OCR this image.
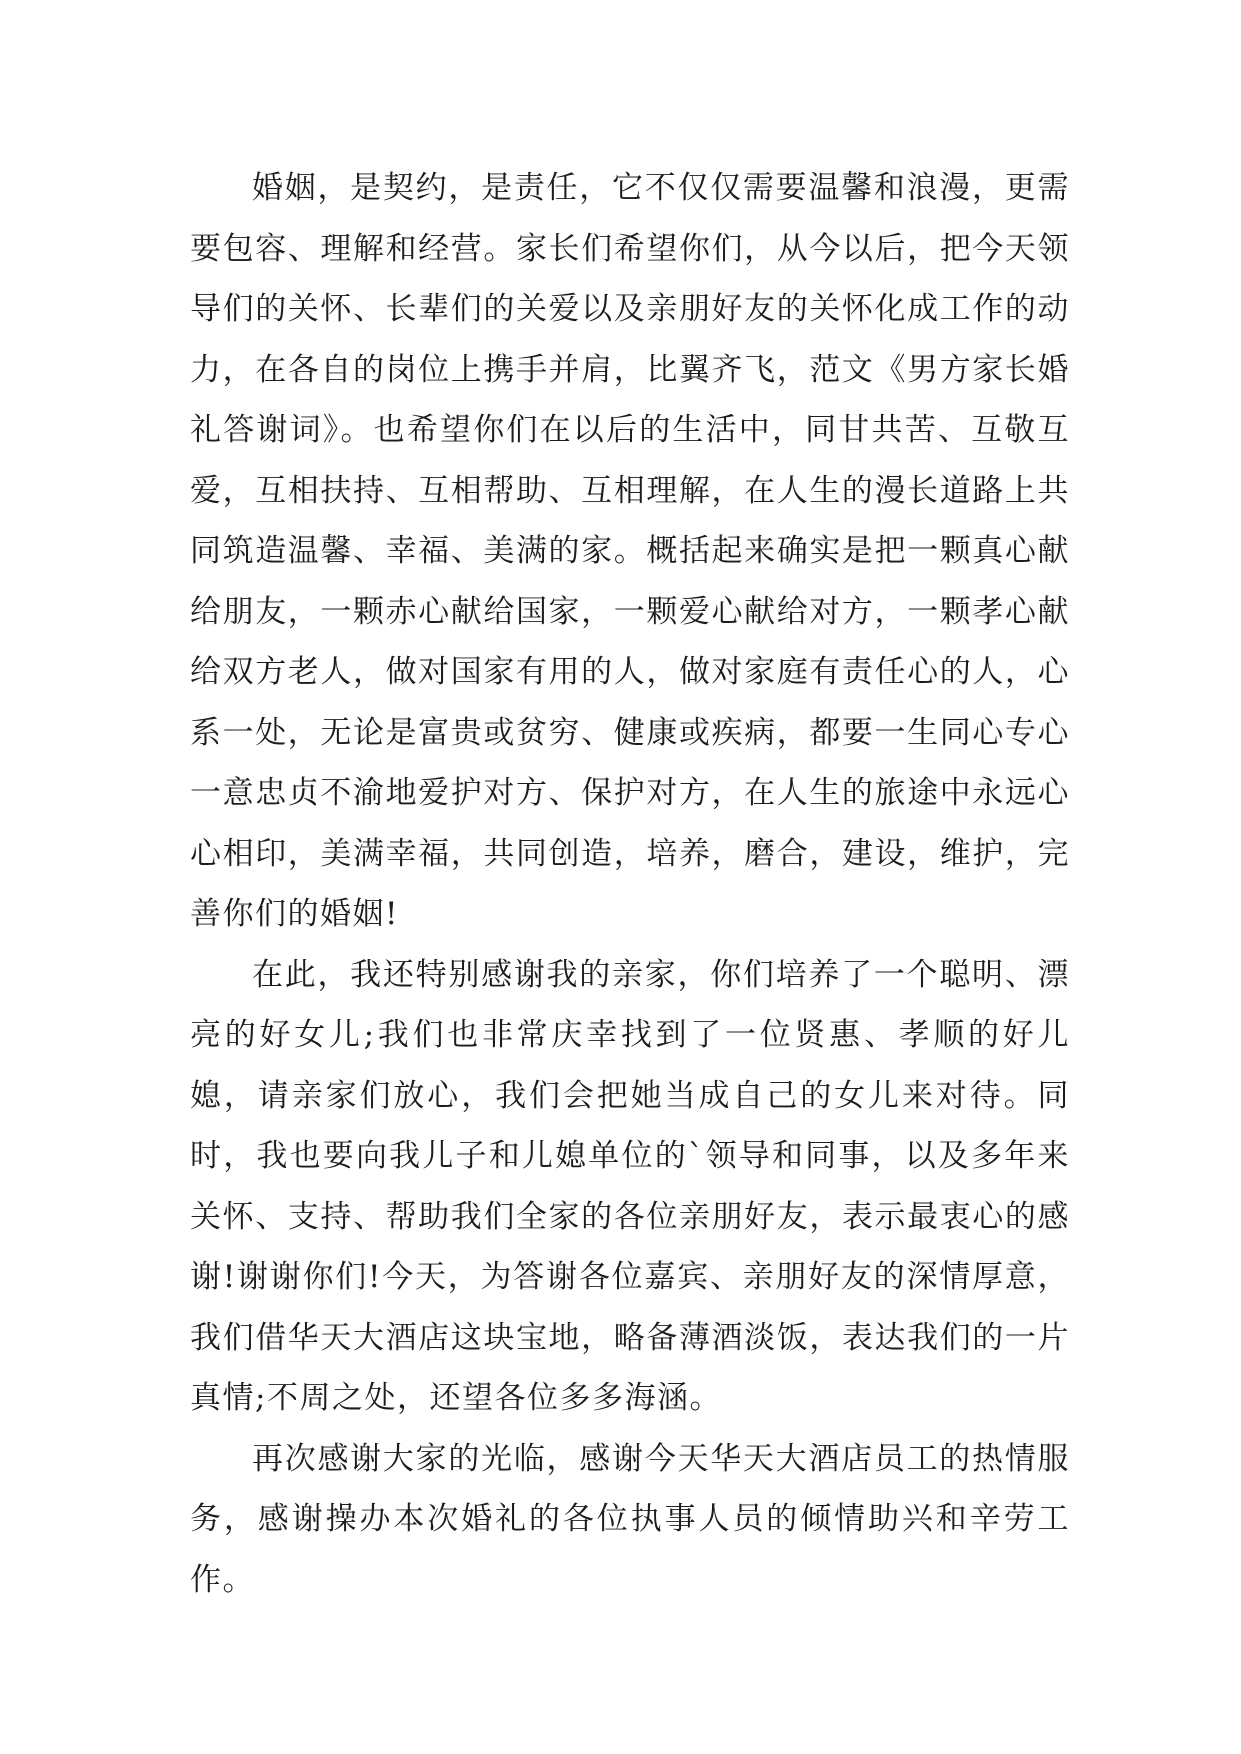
婚姻，是契约，是责任，它不仅仅需要温馨和浪漫，更需要包容、理解和经营。家长们希望你们，从今以后，把今天领导们的关怀、长辈们的关爱以及亲朋好友的关怀化成工作的动力，在各自的岗位上携手并肩，比翼齐飞，范文《男方家长婚礼答谢词》。也希望你们在以后的生活中，同甘共苦、互敬互爱，互相扶持、互相帮助、互相理解，在人生的漫长道路上共同筑造温馨、幸福、美满的家。概括起来确实是把一颗真心献给朋友，一颗赤心献给国家，一颗爱心献给对方，一颗孝心献给双方老人，做对国家有用的人，做对家庭有责任心的人，心系一处，无论是富贵或贫穷、健康或疾病，都要一生同心专心一意忠贞不渝地爱护对方、保护对方，在人生的旅途中永远心心相印，美满幸福，共同创造，培养，磨合，建设，维护，完善你们的婚姻!

在此，我还特别感谢我的亲家，你们培养了一个聪明、漂亮的好女儿;我们也非常庆幸找到了一位贤惠、孝顺的好儿媳，请亲家们放心，我们会把她当成自己的女儿来对待。同时，我也要向我儿子和儿媳单位的`领导和同事，以及多年来关怀、支持、帮助我们全家的各位亲朋好友，表示最衷心的感谢!谢谢你们!今天，为答谢各位嘉宾、亲朋好友的深情厚意，我们借华天大酒店这块宝地，略备薄酒淡饭，表达我们的一片真情;不周之处，还望各位多多海涵。

再次感谢大家的光临，感谢今天华天大酒店员工的热情服务，感谢操办本次婚礼的各位执事人员的倾情助兴和辛劳工作。
